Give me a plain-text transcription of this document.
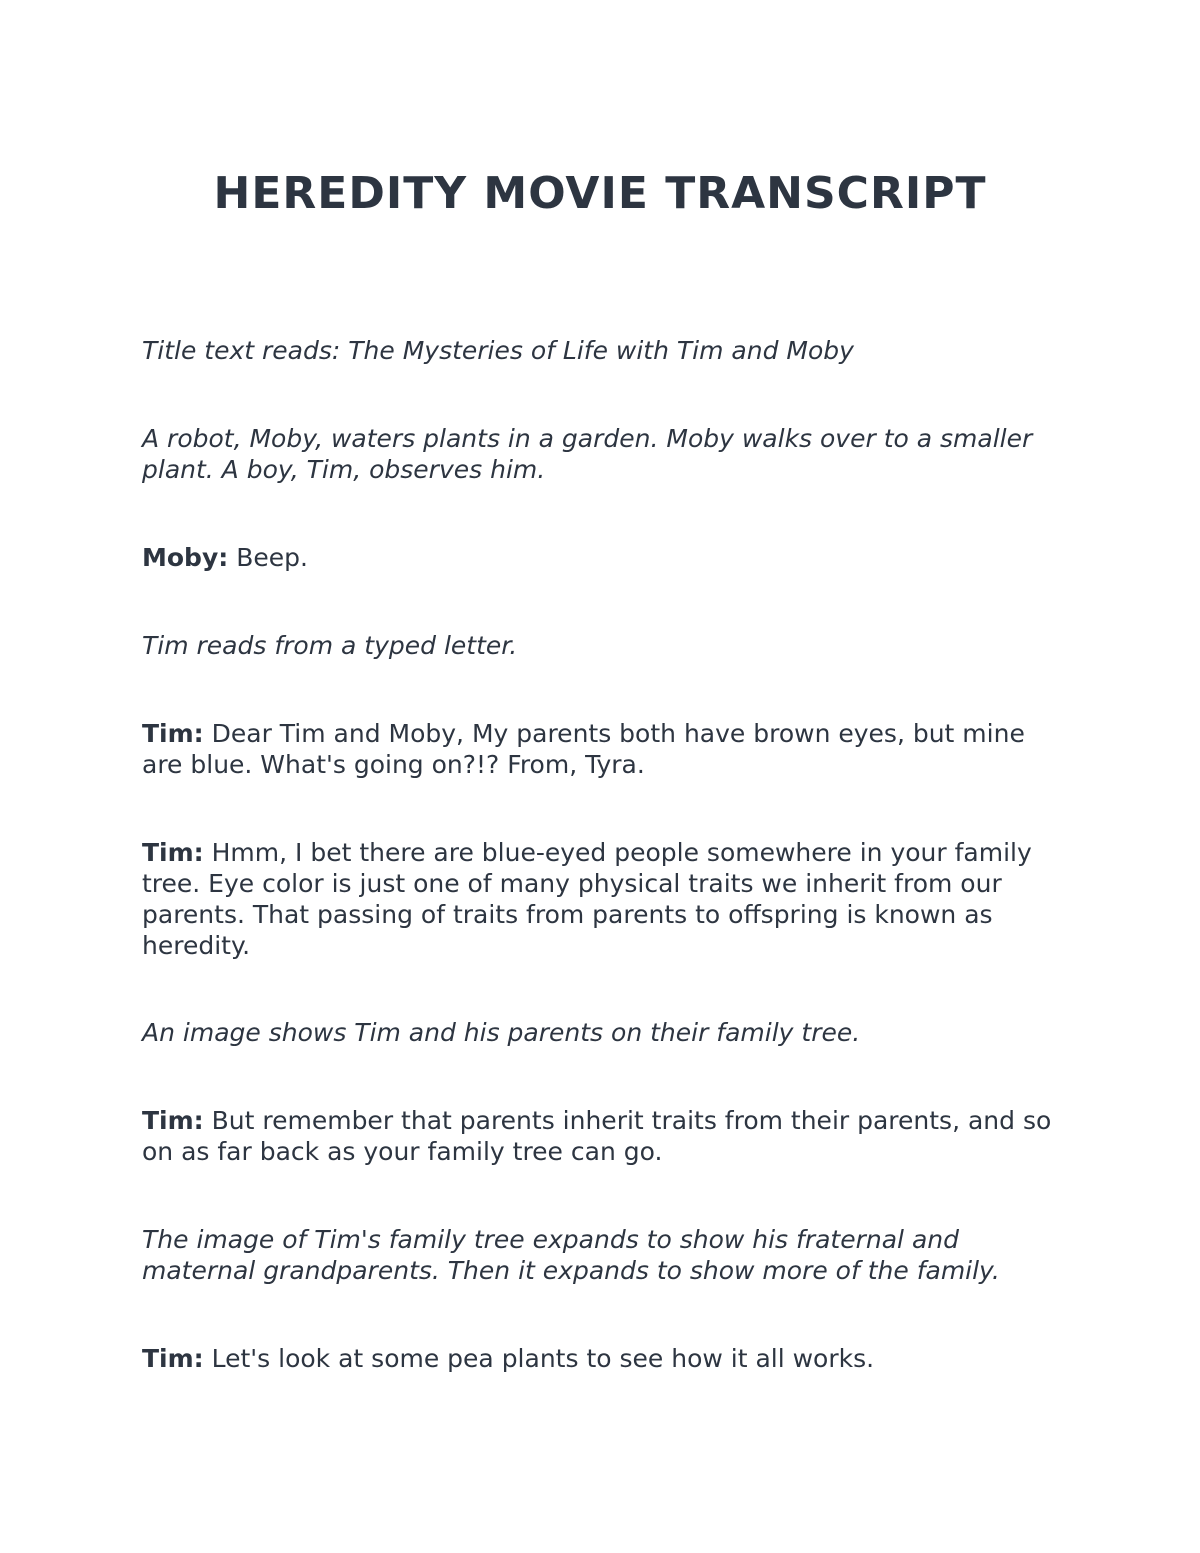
HEREDITY MOVIE TRANSCRIPT

Title text reads: The Mysteries of Life with Tim and Moby

A robot, Moby, waters plants in a garden. Moby walks over to a smaller plant. A boy, Tim, observes him.

Moby: Beep.

Tim reads from a typed letter.

Tim: Dear Tim and Moby, My parents both have brown eyes, but mine are blue. What's going on?!? From, Tyra.

Tim: Hmm, I bet there are blue-eyed people somewhere in your family tree. Eye color is just one of many physical traits we inherit from our parents. That passing of traits from parents to offspring is known as heredity.

An image shows Tim and his parents on their family tree.

Tim: But remember that parents inherit traits from their parents, and so on as far back as your family tree can go.

The image of Tim's family tree expands to show his fraternal and maternal grandparents. Then it expands to show more of the family.

Tim: Let's look at some pea plants to see how it all works.
